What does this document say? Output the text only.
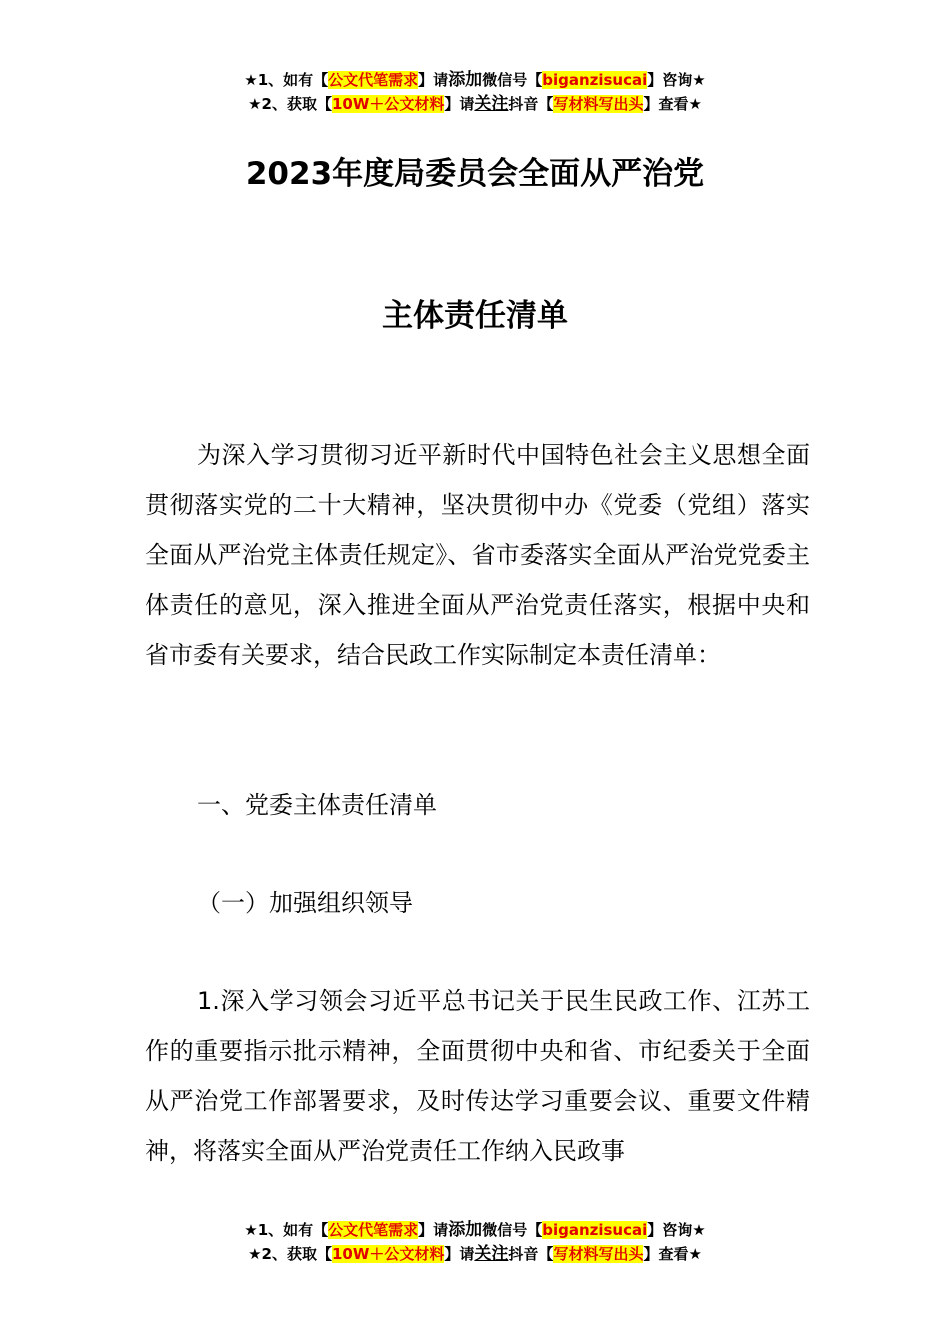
★1、如有【公文代笔需求】请添加微信号【biganzisucai】咨询★
★2、获取【10W＋公文材料】请关注抖音【写材料写出头】查看★
2023年度局委员会全面从严治党
主体责任清单

为深入学习贯彻习近平新时代中国特色社会主义思想全面贯彻落实党的二十大精神，坚决贯彻中办《党委（党组）落实全面从严治党主体责任规定》、省市委落实全面从严治党党委主体责任的意见，深入推进全面从严治党责任落实，根据中央和省市委有关要求，结合民政工作实际制定本责任清单：

一、党委主体责任清单

（一）加强组织领导

1.深入学习领会习近平总书记关于民生民政工作、江苏工作的重要指示批示精神，全面贯彻中央和省、市纪委关于全面从严治党工作部署要求，及时传达学习重要会议、重要文件精神，将落实全面从严治党责任工作纳入民政事

★1、如有【公文代笔需求】请添加微信号【biganzisucai】咨询★
★2、获取【10W＋公文材料】请关注抖音【写材料写出头】查看★
